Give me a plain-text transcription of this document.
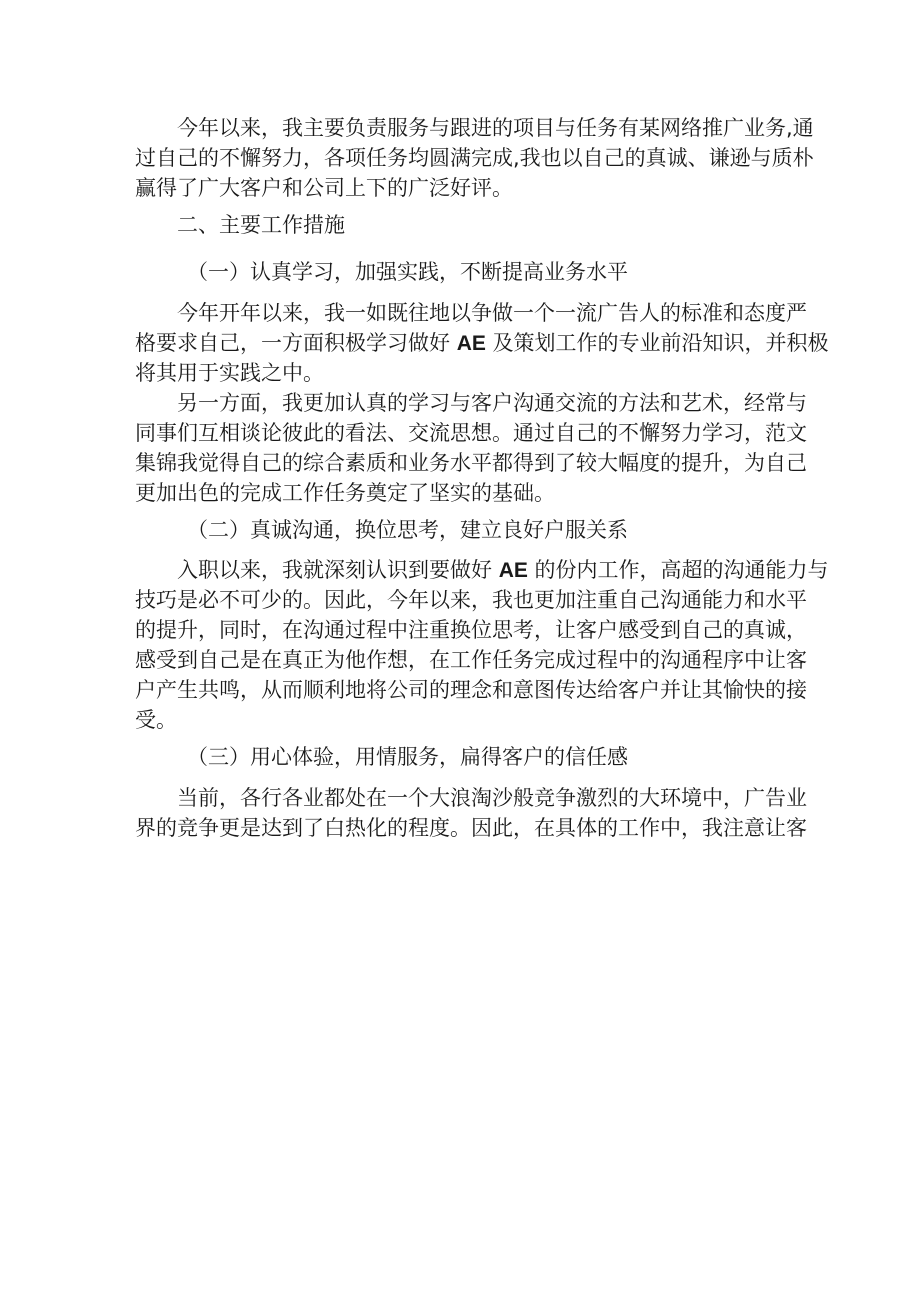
今年以来，我主要负责服务与跟进的项目与任务有某网络推广业务,通
过自己的不懈努力，各项任务均圆满完成,我也以自己的真诚、谦逊与质朴
赢得了广大客户和公司上下的广泛好评。
二、主要工作措施
（一）认真学习，加强实践，不断提高业务水平
今年开年以来，我一如既往地以争做一个一流广告人的标准和态度严
格要求自己，一方面积极学习做好 AE 及策划工作的专业前沿知识，并积极
将其用于实践之中。
另一方面，我更加认真的学习与客户沟通交流的方法和艺术，经常与
同事们互相谈论彼此的看法、交流思想。通过自己的不懈努力学习，范文
集锦我觉得自己的综合素质和业务水平都得到了较大幅度的提升，为自己
更加出色的完成工作任务奠定了坚实的基础。
（二）真诚沟通，换位思考，建立良好户服关系
入职以来，我就深刻认识到要做好 AE 的份内工作，高超的沟通能力与
技巧是必不可少的。因此，今年以来，我也更加注重自己沟通能力和水平
的提升，同时，在沟通过程中注重换位思考，让客户感受到自己的真诚，
感受到自己是在真正为他作想，在工作任务完成过程中的沟通程序中让客
户产生共鸣，从而顺利地将公司的理念和意图传达给客户并让其愉快的接
受。
（三）用心体验，用情服务，扁得客户的信任感
当前，各行各业都处在一个大浪淘沙般竞争激烈的大环境中，广告业
界的竞争更是达到了白热化的程度。因此，在具体的工作中，我注意让客
